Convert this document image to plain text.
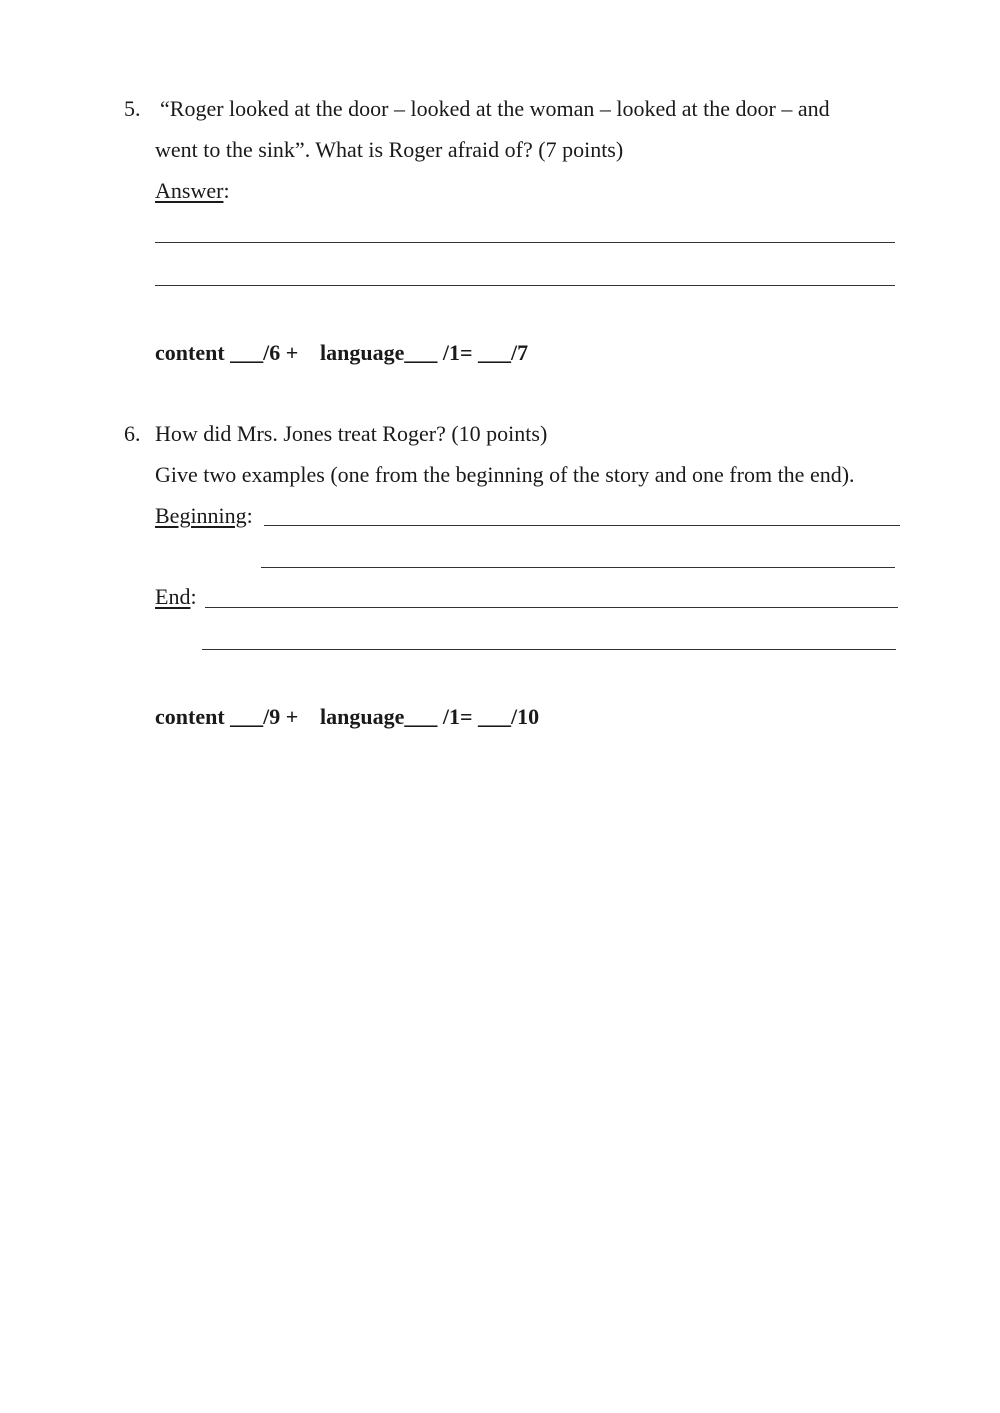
5. “Roger looked at the door – looked at the woman – looked at the door – and
went to the sink”. What is Roger afraid of? (7 points)
Answer:
content ___/6 + language___ /1= ___/7
6. How did Mrs. Jones treat Roger? (10 points)
Give two examples (one from the beginning of the story and one from the end).
Beginning:
End:
content ___/9 + language___ /1= ___/10
